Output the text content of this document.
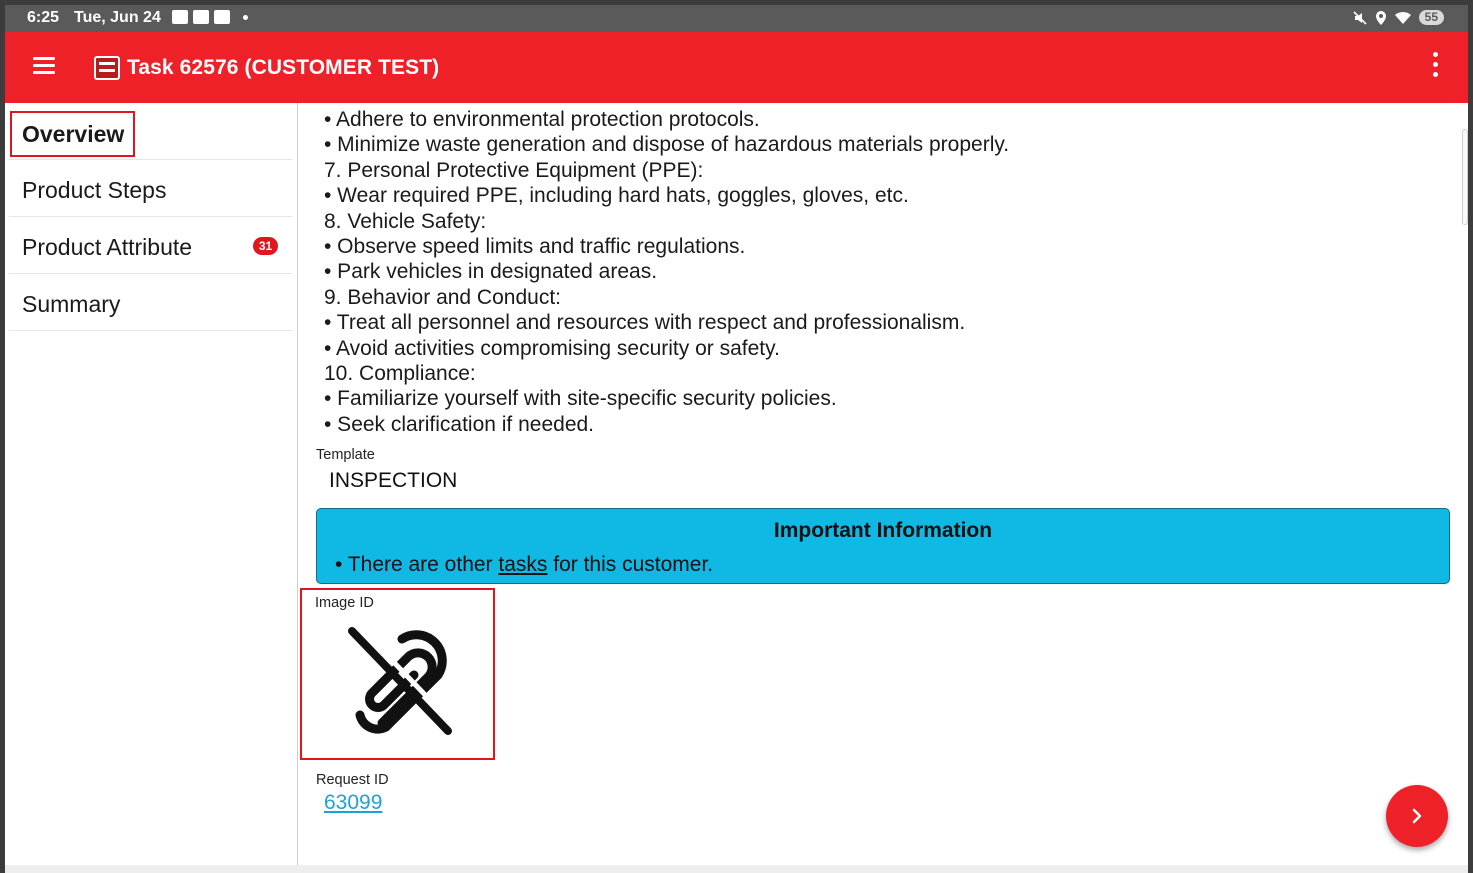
6:25 Tue, Jun 24	55
Task 62576 (CUSTOMER TEST)
Overview
Product Steps
Product Attribute	31
Summary
• Adhere to environmental protection protocols.
• Minimize waste generation and dispose of hazardous materials properly.
7. Personal Protective Equipment (PPE):
• Wear required PPE, including hard hats, goggles, gloves, etc.
8. Vehicle Safety:
• Observe speed limits and traffic regulations.
• Park vehicles in designated areas.
9. Behavior and Conduct:
• Treat all personnel and resources with respect and professionalism.
• Avoid activities compromising security or safety.
10. Compliance:
• Familiarize yourself with site-specific security policies.
• Seek clarification if needed.
Template
INSPECTION
Important Information
• There are other tasks for this customer.
Image ID
Request ID
63099
